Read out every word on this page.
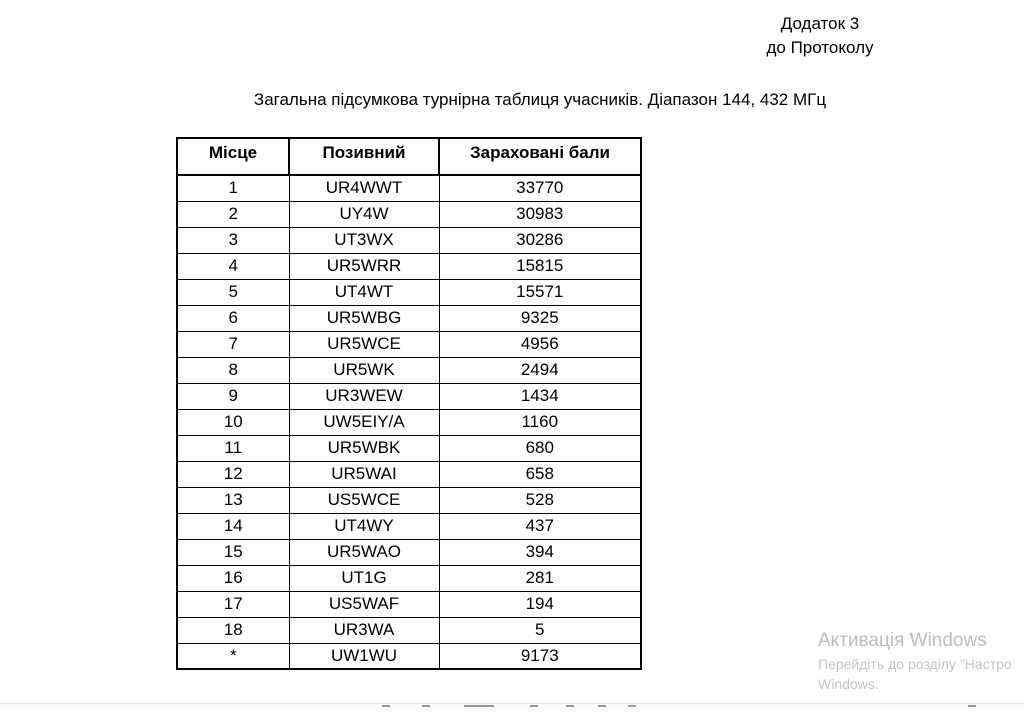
Додаток 3
до Протоколу
Загальна підсумкова турнірна таблиця учасників. Діапазон 144, 432 МГц
Місце	Позивний	Зараховані бали
1	UR4WWT	33770
2	UY4W	30983
3	UT3WX	30286
4	UR5WRR	15815
5	UT4WT	15571
6	UR5WBG	9325
7	UR5WCE	4956
8	UR5WK	2494
9	UR3WEW	1434
10	UW5EIY/A	1160
11	UR5WBK	680
12	UR5WAI	658
13	US5WCE	528
14	UT4WY	437
15	UR5WAO	394
16	UT1G	281
17	US5WAF	194
18	UR3WA	5
*	UW1WU	9173
Активація Windows
Перейдіть до розділу "Настро
Windows.
